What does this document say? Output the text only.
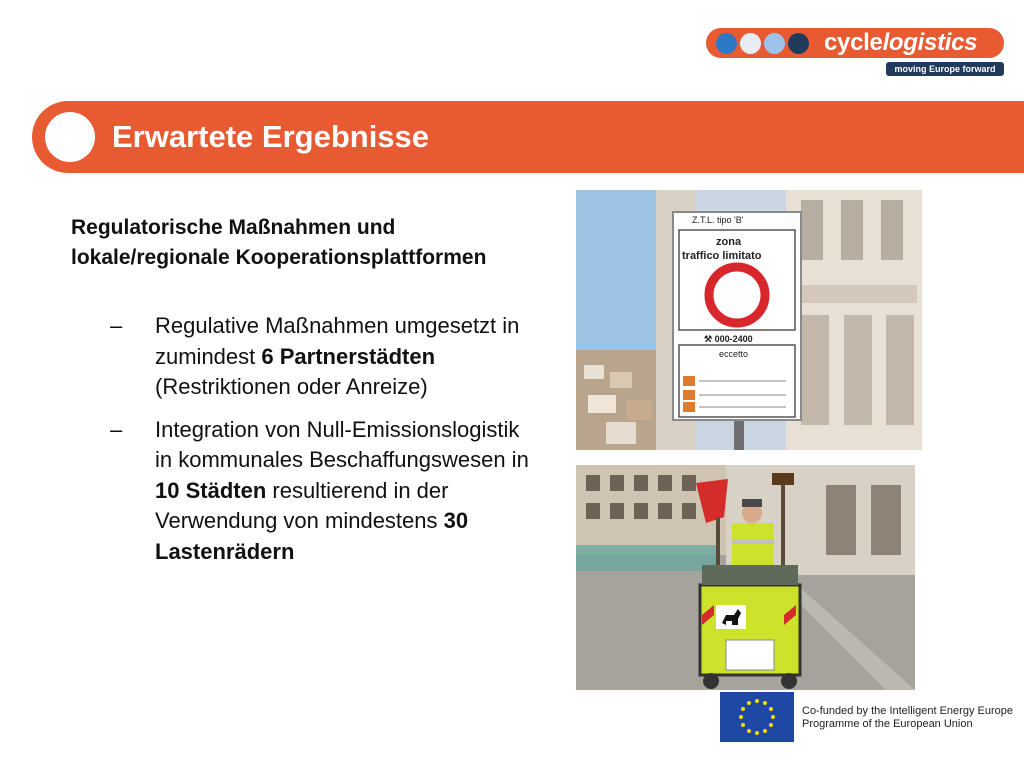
cyclelogistics
moving Europe forward
Erwartete Ergebnisse
Regulatorische Maßnahmen und lokale/regionale Kooperationsplattformen
– Regulative Maßnahmen umgesetzt in zumindest 6 Partnerstädten (Restriktionen oder Anreize)
– Integration von Null-Emissionslogistik in kommunales Beschaffungswesen in 10 Städten resultierend in der Verwendung von mindestens 30 Lastenrädern
Z.T.L. tipo 'B'
zona
traffico limitato
⚒ 000-2400
eccetto
Co-funded by the Intelligent Energy Europe
Programme of the European Union
